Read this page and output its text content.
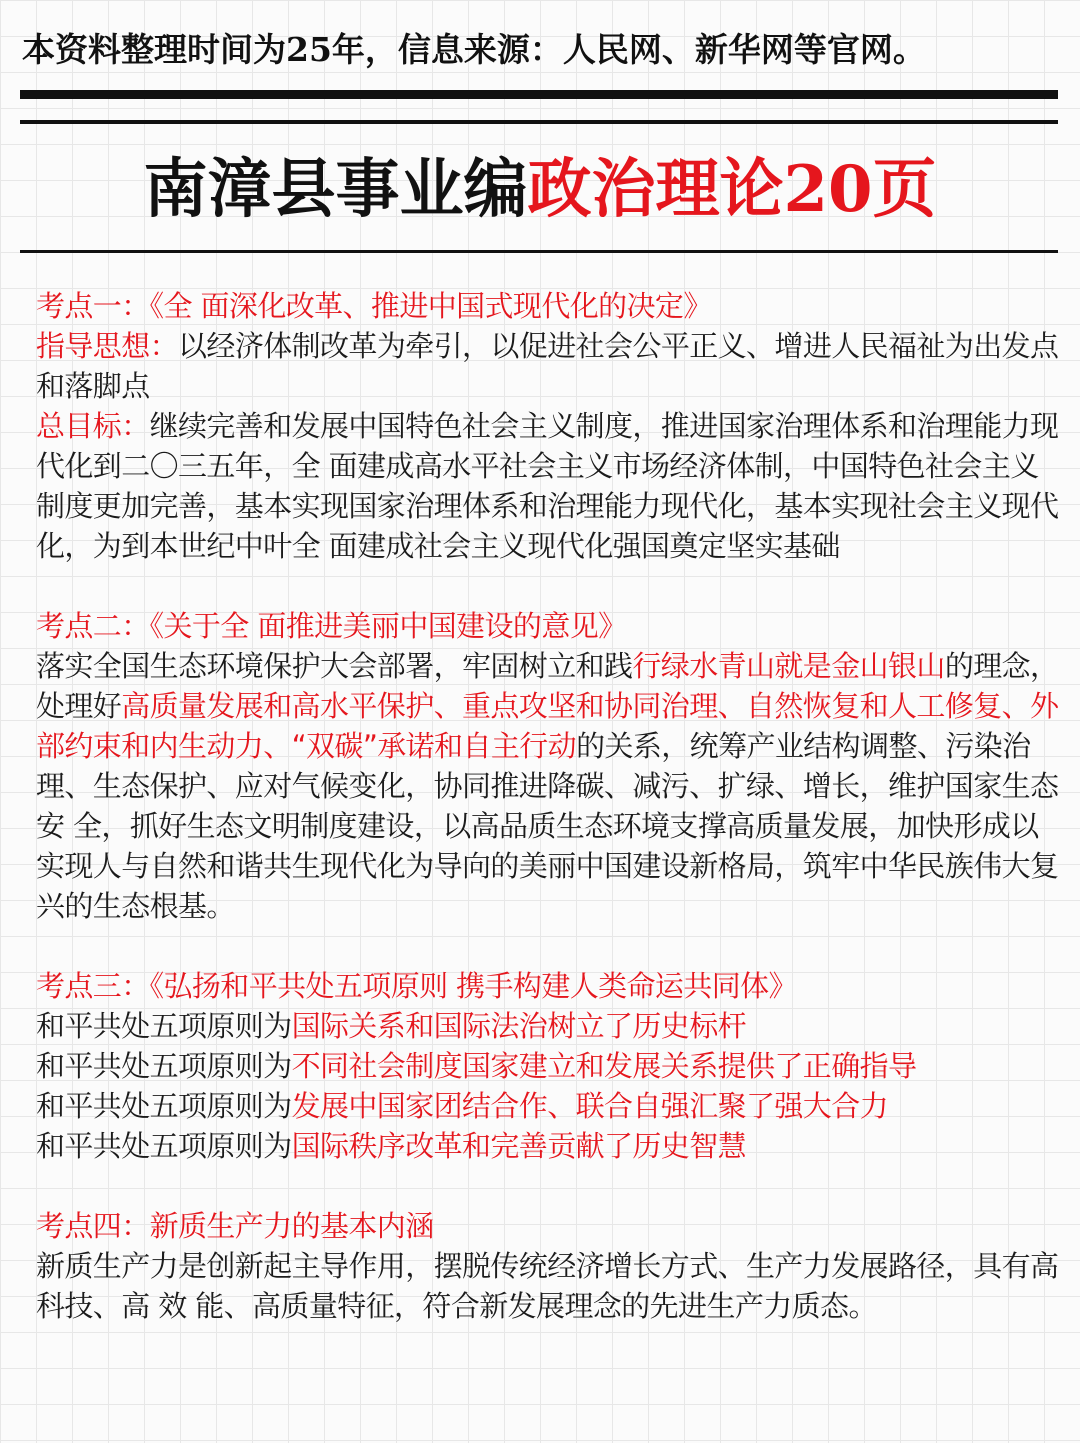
本资料整理时间为25年，信息来源：人民网、新华网等官网。
南漳县事业编政治理论20页

考点一：《全 面深化改革、推进中国式现代化的决定》

指导思想：以经济体制改革为牵引，以促进社会公平正义、增进人民福祉为出发点和落脚点

总目标：继续完善和发展中国特色社会主义制度，推进国家治理体系和治理能力现代化到二〇三五年，全 面建成高水平社会主义市场经济体制，中国特色社会主义制度更加完善，基本实现国家治理体系和治理能力现代化，基本实现社会主义现代化，为到本世纪中叶全 面建成社会主义现代化强国奠定坚实基础

考点二：《关于全 面推进美丽中国建设的意见》

落实全国生态环境保护大会部署，牢固树立和践行绿水青山就是金山银山的理念，处理好高质量发展和高水平保护、重点攻坚和协同治理、自然恢复和人工修复、外部约束和内生动力、“双碳”承诺和自主行动的关系，统筹产业结构调整、污染治理、生态保护、应对气候变化，协同推进降碳、减污、扩绿、增长，维护国家生态安 全，抓好生态文明制度建设，以高品质生态环境支撑高质量发展，加快形成以实现人与自然和谐共生现代化为导向的美丽中国建设新格局，筑牢中华民族伟大复兴的生态根基。

考点三：《弘扬和平共处五项原则 携手构建人类命运共同体》

和平共处五项原则为国际关系和国际法治树立了历史标杆

和平共处五项原则为不同社会制度国家建立和发展关系提供了正确指导

和平共处五项原则为发展中国家团结合作、联合自强汇聚了强大合力

和平共处五项原则为国际秩序改革和完善贡献了历史智慧

考点四：新质生产力的基本内涵

新质生产力是创新起主导作用，摆脱传统经济增长方式、生产力发展路径，具有高科技、高 效 能、高质量特征，符合新发展理念的先进生产力质态。
